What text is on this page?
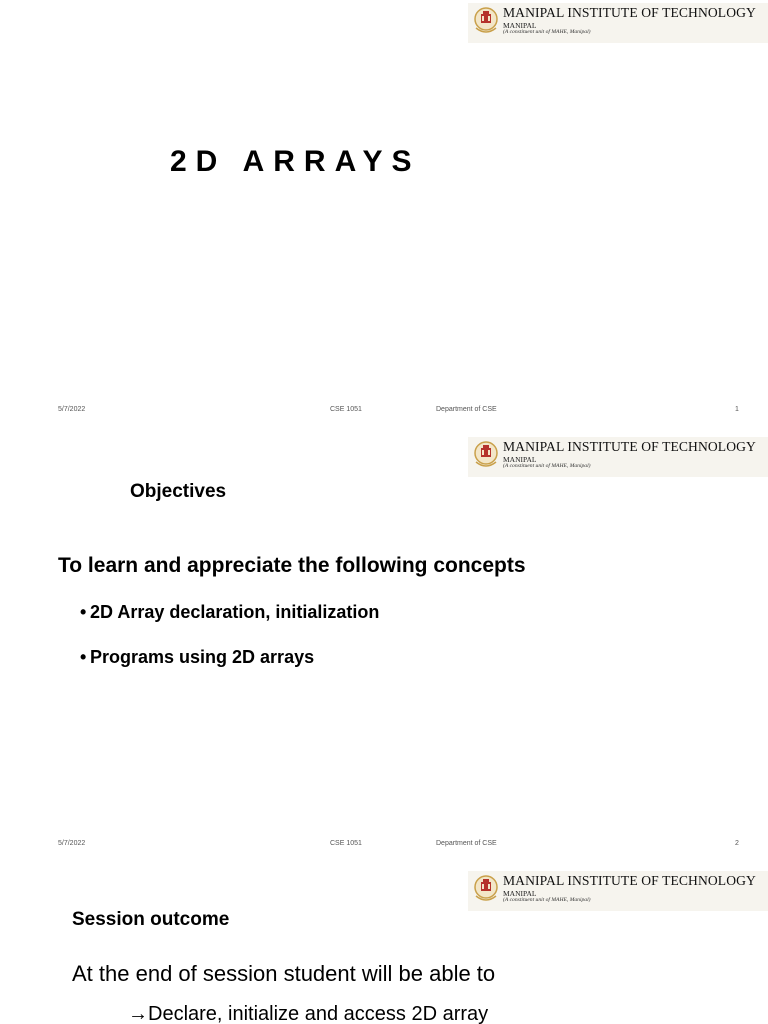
MANIPAL INSTITUTE OF TECHNOLOGY
MANIPAL
(A constituent unit of MAHE, Manipal)
2D ARRAYS
5/7/2022	CSE 1051	Department of CSE	1
MANIPAL INSTITUTE OF TECHNOLOGY
MANIPAL
(A constituent unit of MAHE, Manipal)
Objectives
To learn and appreciate the following concepts
• 2D Array declaration, initialization
• Programs using 2D arrays
5/7/2022	CSE 1051	Department of CSE	2
MANIPAL INSTITUTE OF TECHNOLOGY
MANIPAL
(A constituent unit of MAHE, Manipal)
Session outcome
At the end of session student will be able to
→Declare, initialize and access 2D array
